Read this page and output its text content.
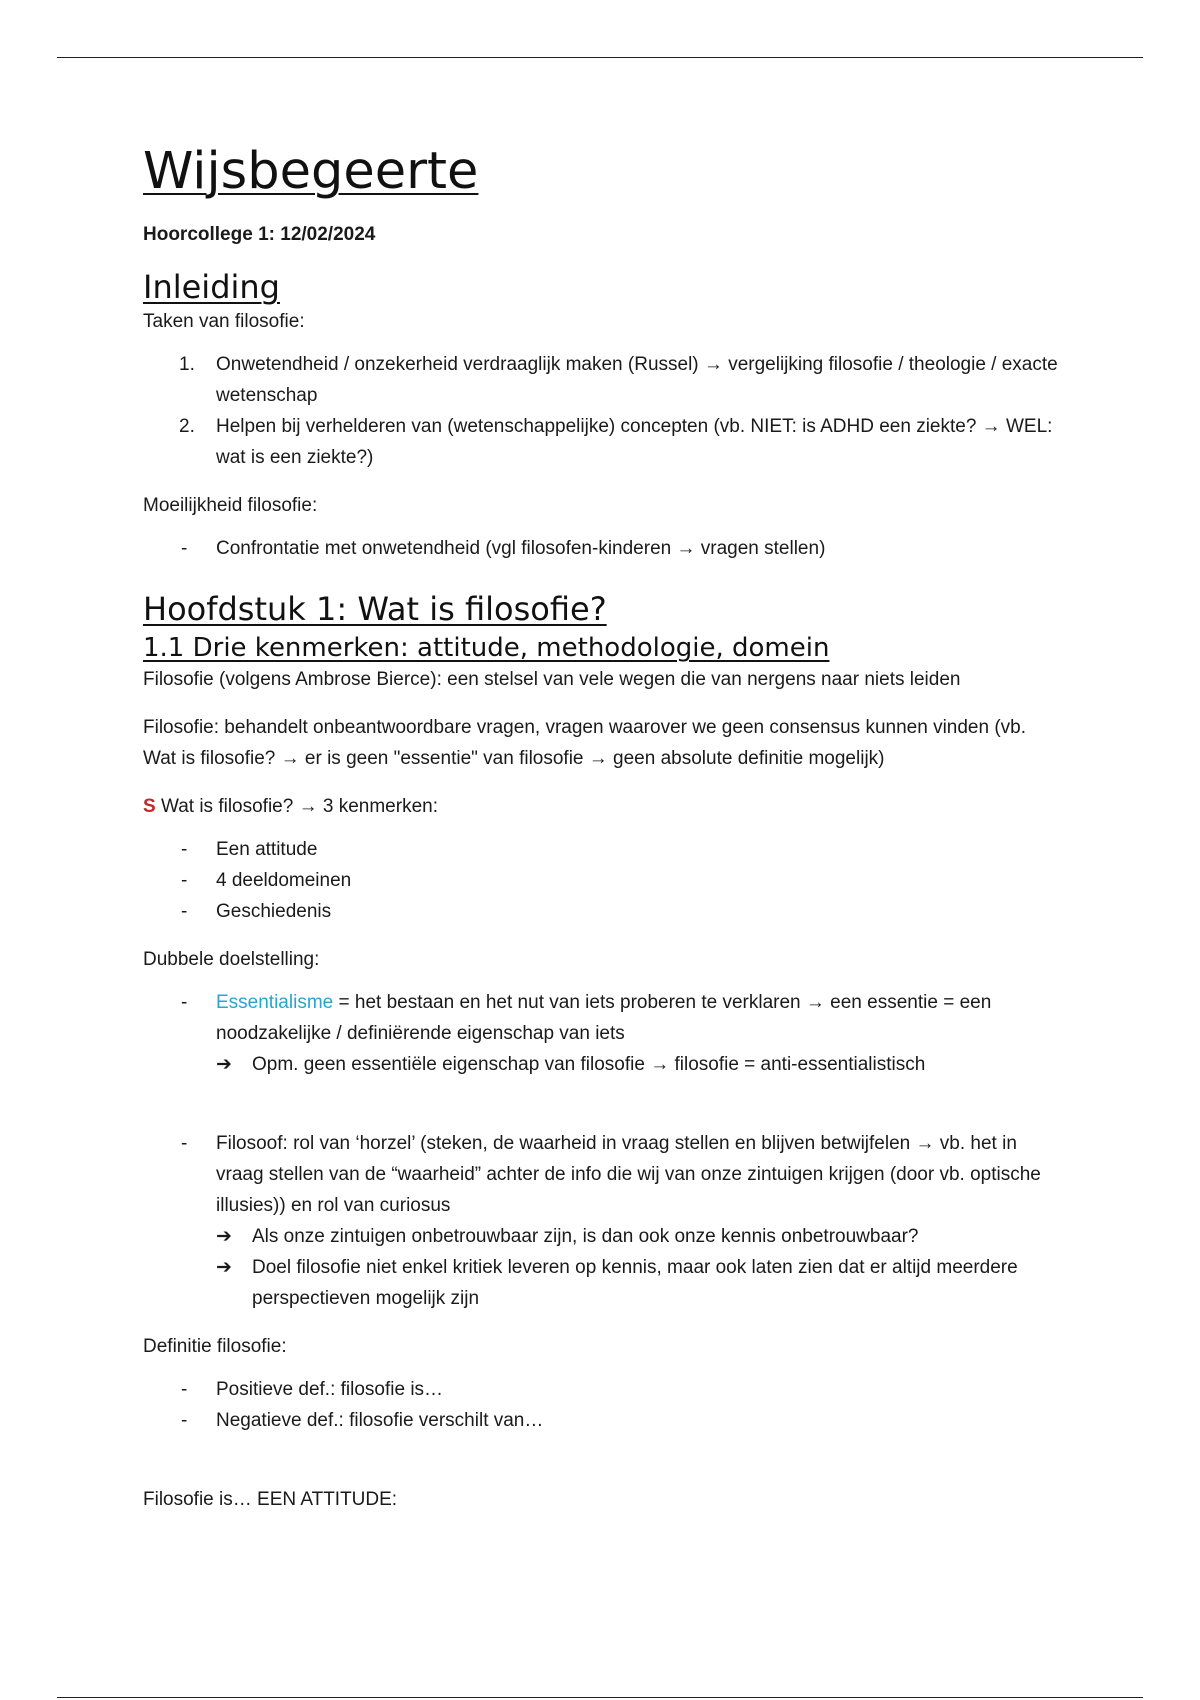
Wijsbegeerte

Hoorcollege 1: 12/02/2024

Inleiding

Taken van filosofie:

1. Onwetendheid / onzekerheid verdraaglijk maken (Russel) → vergelijking filosofie / theologie / exacte wetenschap
2. Helpen bij verhelderen van (wetenschappelijke) concepten (vb. NIET: is ADHD een ziekte? → WEL: wat is een ziekte?)

Moeilijkheid filosofie:

- Confrontatie met onwetendheid (vgl filosofen-kinderen → vragen stellen)
Hoofdstuk 1: Wat is filosofie?
1.1 Drie kenmerken: attitude, methodologie, domein

Filosofie (volgens Ambrose Bierce): een stelsel van vele wegen die van nergens naar niets leiden

Filosofie: behandelt onbeantwoordbare vragen, vragen waarover we geen consensus kunnen vinden (vb. Wat is filosofie? → er is geen "essentie" van filosofie → geen absolute definitie mogelijk)

S Wat is filosofie? → 3 kenmerken:

- Een attitude
- 4 deeldomeinen
- Geschiedenis

Dubbele doelstelling:

- Essentialisme = het bestaan en het nut van iets proberen te verklaren → een essentie = een noodzakelijke / definiërende eigenschap van iets
➔ Opm. geen essentiële eigenschap van filosofie → filosofie = anti-essentialistisch
- Filosoof: rol van ‘horzel’ (steken, de waarheid in vraag stellen en blijven betwijfelen → vb. het in vraag stellen van de “waarheid” achter de info die wij van onze zintuigen krijgen (door vb. optische illusies)) en rol van curiosus
➔ Als onze zintuigen onbetrouwbaar zijn, is dan ook onze kennis onbetrouwbaar?
➔ Doel filosofie niet enkel kritiek leveren op kennis, maar ook laten zien dat er altijd meerdere perspectieven mogelijk zijn

Definitie filosofie:

- Positieve def.: filosofie is…
- Negatieve def.: filosofie verschilt van…

Filosofie is… EEN ATTITUDE:
